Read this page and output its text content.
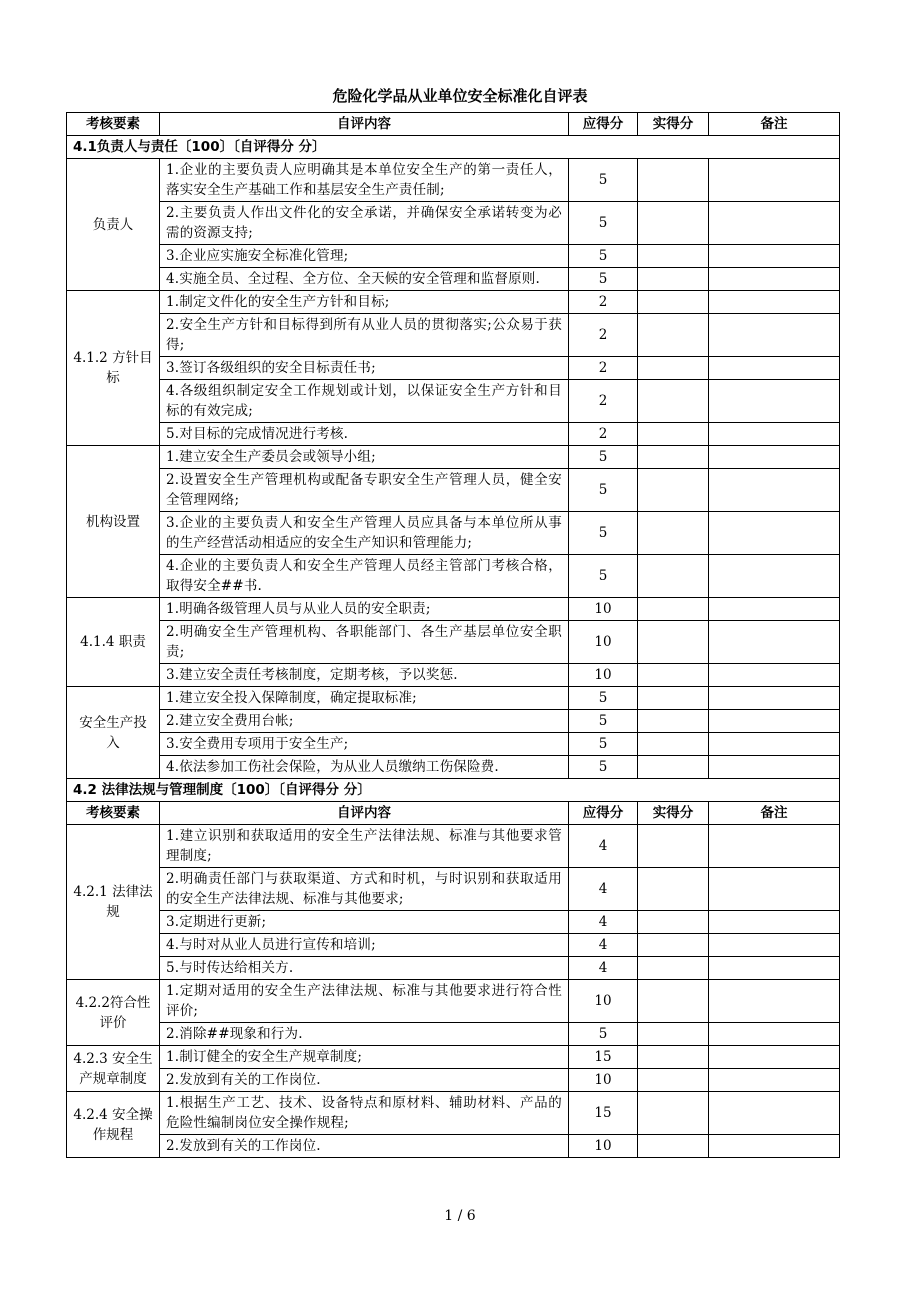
危险化学品从业单位安全标准化自评表
考核要素	自评内容	应得分	实得分	备注
4.1负责人与责任〔100〕〔自评得分 分〕				
负责人	1.企业的主要负责人应明确其是本单位安全生产的第一责任人，落实安全生产基础工作和基层安全生产责任制;	5		
	2.主要负责人作出文件化的安全承诺，并确保安全承诺转变为必需的资源支持;	5		
	3.企业应实施安全标准化管理;	5		
	4.实施全员、全过程、全方位、全天候的安全管理和监督原则.	5		
4.1.2 方针目标	1.制定文件化的安全生产方针和目标;	2		
	2.安全生产方针和目标得到所有从业人员的贯彻落实;公众易于获得;	2		
	3.签订各级组织的安全目标责任书;	2		
	4.各级组织制定安全工作规划或计划，以保证安全生产方针和目标的有效完成;	2		
	5.对目标的完成情况进行考核.	2		
机构设置	1.建立安全生产委员会或领导小组;	5		
	2.设置安全生产管理机构或配备专职安全生产管理人员，健全安全管理网络;	5		
	3.企业的主要负责人和安全生产管理人员应具备与本单位所从事的生产经营活动相适应的安全生产知识和管理能力;	5		
	4.企业的主要负责人和安全生产管理人员经主管部门考核合格，取得安全##书.	5		
4.1.4 职责	1.明确各级管理人员与从业人员的安全职责;	10		
	2.明确安全生产管理机构、各职能部门、各生产基层单位安全职责;	10		
	3.建立安全责任考核制度，定期考核，予以奖惩.	10		
安全生产投入	1.建立安全投入保障制度，确定提取标准;	5		
	2.建立安全费用台帐;	5		
	3.安全费用专项用于安全生产;	5		
	4.依法参加工伤社会保险，为从业人员缴纳工伤保险费.	5		
4.2 法律法规与管理制度〔100〕〔自评得分 分〕				
考核要素	自评内容	应得分	实得分	备注
4.2.1 法律法规	1.建立识别和获取适用的安全生产法律法规、标准与其他要求管理制度;	4		
	2.明确责任部门与获取渠道、方式和时机，与时识别和获取适用的安全生产法律法规、标准与其他要求;	4		
	3.定期进行更新;	4		
	4.与时对从业人员进行宣传和培训;	4		
	5.与时传达给相关方.	4		
4.2.2符合性评价	1.定期对适用的安全生产法律法规、标准与其他要求进行符合性评价;	10		
	2.消除##现象和行为.	5		
4.2.3 安全生产规章制度	1.制订健全的安全生产规章制度;	15		
	2.发放到有关的工作岗位.	10		
4.2.4 安全操作规程	1.根据生产工艺、技术、设备特点和原材料、辅助材料、产品的危险性编制岗位安全操作规程;	15		
	2.发放到有关的工作岗位.	10		
1 / 6
